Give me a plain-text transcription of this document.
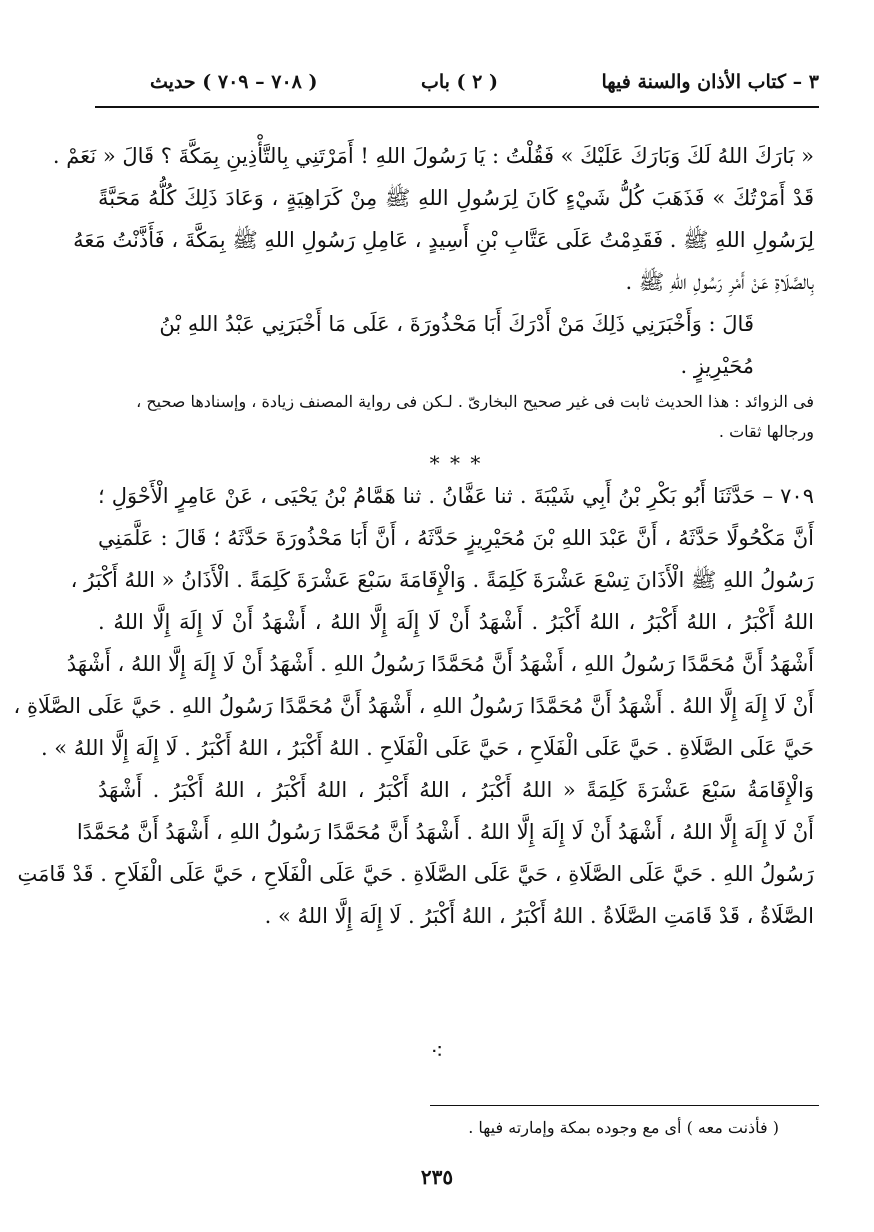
٣ – كتاب الأذان والسنة فيها
( ٢ ) باب
( ٧٠٨ – ٧٠٩ ) حديث
« بَارَكَ اللهُ لَكَ وَبَارَكَ عَلَيْكَ » فَقُلْتُ : يَا رَسُولَ اللهِ ! أَمَرْتَنِي بِالتَّأْذِينِ بِمَكَّةَ ؟ قَالَ « نَعَمْ .
قَدْ أَمَرْتُكَ » فَذَهَبَ كُلُّ شَيْءٍ كَانَ لِرَسُولِ اللهِ ﷺ مِنْ كَرَاهِيَةٍ ، وَعَادَ ذَلِكَ كُلُّهُ مَحَبَّةً
لِرَسُولِ اللهِ ﷺ . فَقَدِمْتُ عَلَى عَتَّابِ بْنِ أَسِيدٍ ، عَامِلِ رَسُولِ اللهِ ﷺ بِمَكَّةَ ، فَأَذَّنْتُ مَعَهُ
بِالصَّلَاةِ عَنْ أَمْرِ رَسُولِ اللهِ ﷺ .
قَالَ : وَأَخْبَرَنِي ذَلِكَ مَنْ أَدْرَكَ أَبَا مَحْذُورَةَ ، عَلَى مَا أَخْبَرَنِي عَبْدُ اللهِ بْنُ مُحَيْرِيزٍ .
فى الزوائد : هذا الحديث ثابت فى غير صحيح البخارىّ . لـكن فى رواية المصنف زيادة ، وإسنادها صحيح ،
ورجالها ثقات .
* * *
٧٠٩ – حَدَّثَنَا أَبُو بَكْرِ بْنُ أَبِي شَيْبَةَ . ثنا عَفَّانُ . ثنا هَمَّامُ بْنُ يَحْيَى ، عَنْ عَامِرٍ الْأَحْوَلِ ؛
أَنَّ مَكْحُولًا حَدَّثَهُ ، أَنَّ عَبْدَ اللهِ بْنَ مُحَيْرِيزٍ حَدَّثَهُ ، أَنَّ أَبَا مَحْذُورَةَ حَدَّثَهُ ؛ قَالَ : عَلَّمَنِي
رَسُولُ اللهِ ﷺ الْأَذَانَ تِسْعَ عَشْرَةَ كَلِمَةً . وَالْإِقَامَةَ سَبْعَ عَشْرَةَ كَلِمَةً . الْأَذَانُ « اللهُ أَكْبَرُ ،
اللهُ أَكْبَرُ ، اللهُ أَكْبَرُ ، اللهُ أَكْبَرُ . أَشْهَدُ أَنْ لَا إِلَهَ إِلَّا اللهُ ، أَشْهَدُ أَنْ لَا إِلَهَ إِلَّا اللهُ .
أَشْهَدُ أَنَّ مُحَمَّدًا رَسُولُ اللهِ ، أَشْهَدُ أَنَّ مُحَمَّدًا رَسُولُ اللهِ . أَشْهَدُ أَنْ لَا إِلَهَ إِلَّا اللهُ ، أَشْهَدُ
أَنْ لَا إِلَهَ إِلَّا اللهُ . أَشْهَدُ أَنَّ مُحَمَّدًا رَسُولُ اللهِ ، أَشْهَدُ أَنَّ مُحَمَّدًا رَسُولُ اللهِ . حَيَّ عَلَى الصَّلَاةِ ،
حَيَّ عَلَى الصَّلَاةِ . حَيَّ عَلَى الْفَلَاحِ ، حَيَّ عَلَى الْفَلَاحِ . اللهُ أَكْبَرُ ، اللهُ أَكْبَرُ . لَا إِلَهَ إِلَّا اللهُ » .
وَالْإِقَامَةُ سَبْعَ عَشْرَةَ كَلِمَةً « اللهُ أَكْبَرُ ، اللهُ أَكْبَرُ ، اللهُ أَكْبَرُ ، اللهُ أَكْبَرُ . أَشْهَدُ
أَنْ لَا إِلَهَ إِلَّا اللهُ ، أَشْهَدُ أَنْ لَا إِلَهَ إِلَّا اللهُ . أَشْهَدُ أَنَّ مُحَمَّدًا رَسُولُ اللهِ ، أَشْهَدُ أَنَّ مُحَمَّدًا
رَسُولُ اللهِ . حَيَّ عَلَى الصَّلَاةِ ، حَيَّ عَلَى الصَّلَاةِ . حَيَّ عَلَى الْفَلَاحِ ، حَيَّ عَلَى الْفَلَاحِ . قَدْ قَامَتِ
الصَّلَاةُ ، قَدْ قَامَتِ الصَّلَاةُ . اللهُ أَكْبَرُ ، اللهُ أَكْبَرُ . لَا إِلَهَ إِلَّا اللهُ » .
⁖
( فأذنت معه ) أى مع وجوده بمكة وإمارته فيها .
٢٣٥
